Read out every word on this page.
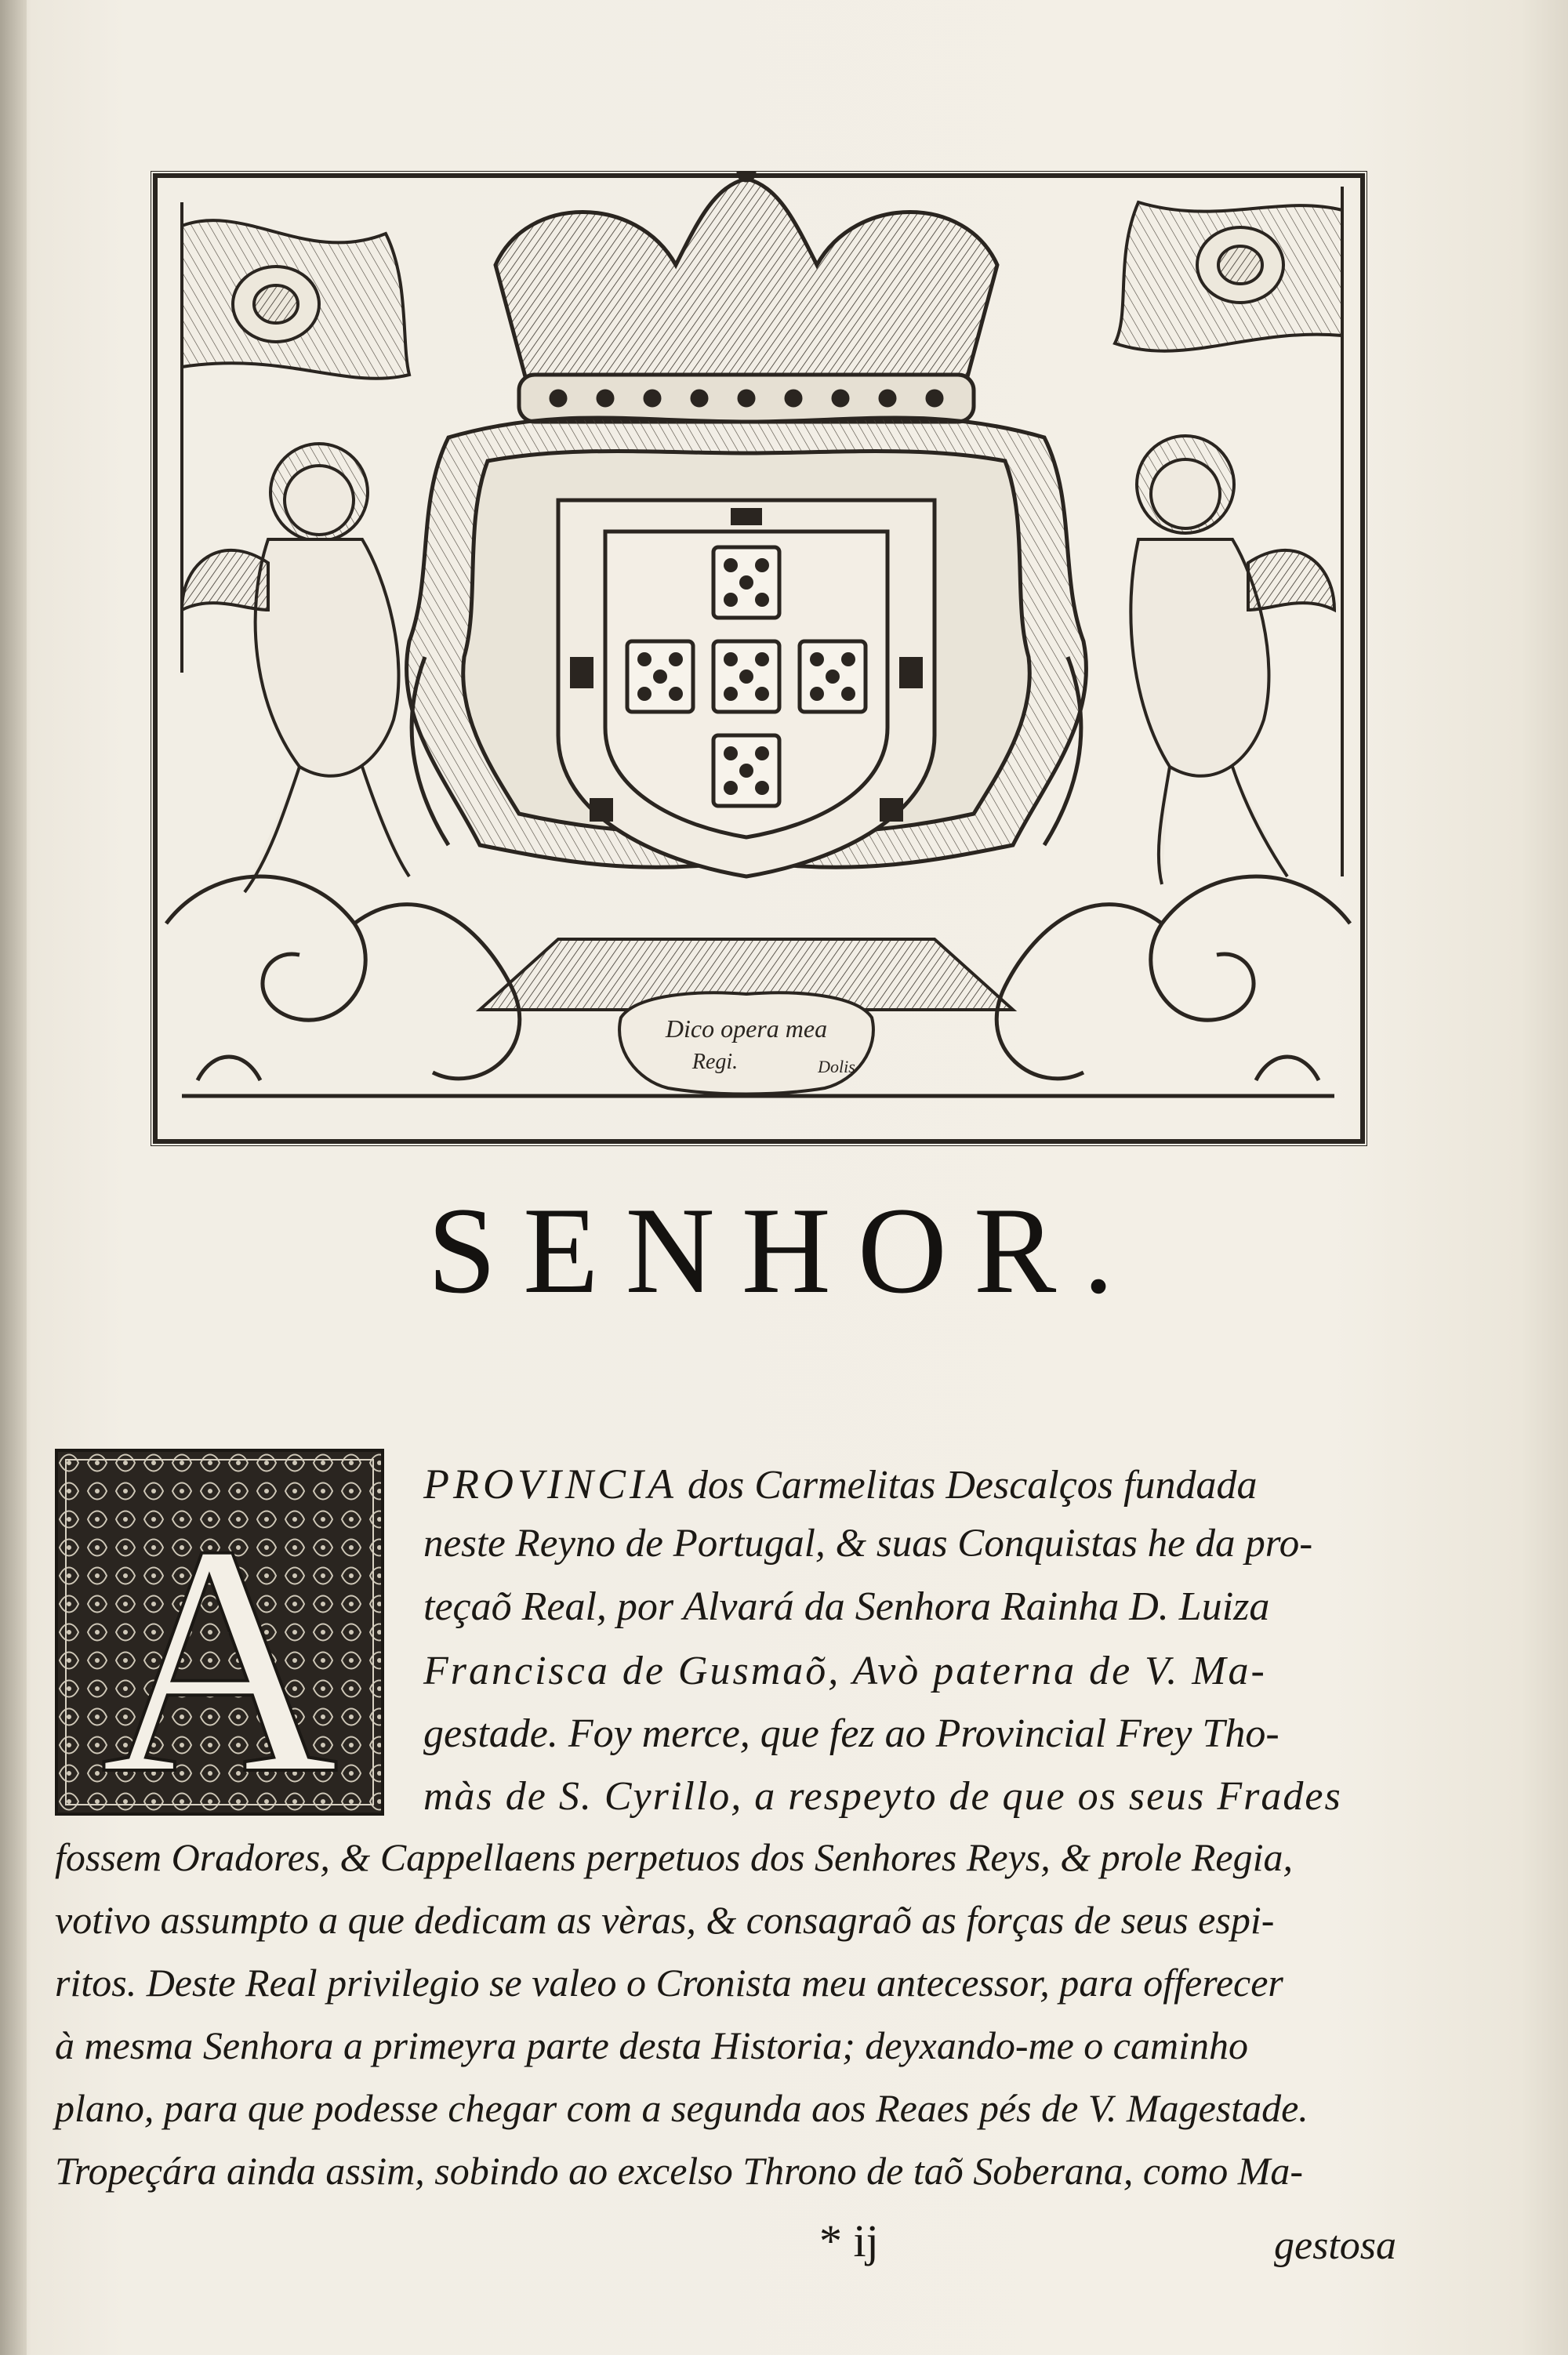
Dico opera mea
Regi.	Dolis
SENHOR.
A PROVINCIA dos Carmelitas Descalços fundada
neste Reyno de Portugal, & suas Conquistas he da pro-
teçaõ Real, por Alvará da Senhora Rainha D. Luiza
Francisca de Gusmaõ, Avò paterna de V. Ma-
gestade. Foy merce, que fez ao Provincial Frey Tho-
màs de S. Cyrillo, a respeyto de que os seus Frades
fossem Oradores, & Cappellaens perpetuos dos Senhores Reys, & prole Regia,
votivo assumpto a que dedicam as vèras, & consagraõ as forças de seus espi-
ritos. Deste Real privilegio se valeo o Cronista meu antecessor, para offerecer
à mesma Senhora a primeyra parte desta Historia; deyxando-me o caminho
plano, para que podesse chegar com a segunda aos Reaes pés de V. Magestade.
Tropeçára ainda assim, sobindo ao excelso Throno de taõ Soberana, como Ma-
* ij	gestosa
